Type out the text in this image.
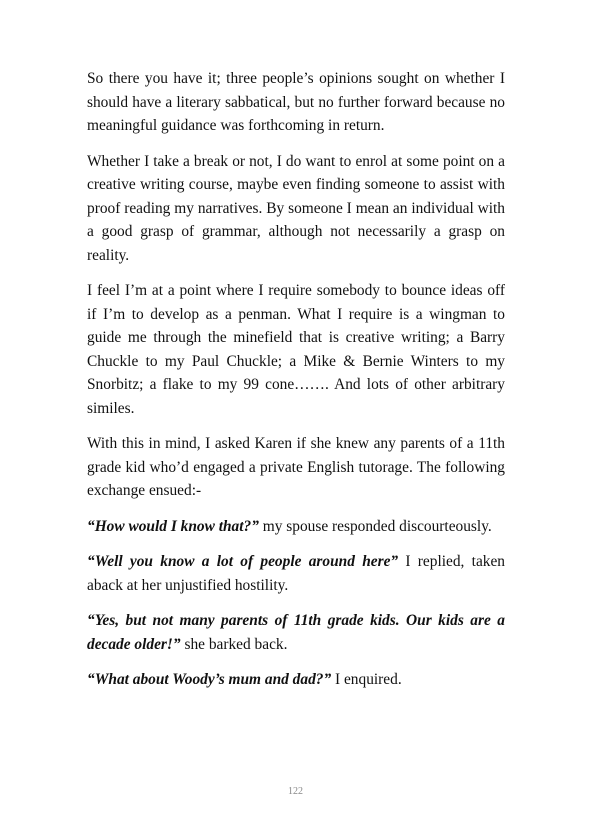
So there you have it; three people’s opinions sought on whether I should have a literary sabbatical, but no further forward because no meaningful guidance was forthcoming in return.

Whether I take a break or not, I do want to enrol at some point on a creative writing course, maybe even finding someone to assist with proof reading my narratives. By someone I mean an individual with a good grasp of grammar, although not necessarily a grasp on reality.

I feel I’m at a point where I require somebody to bounce ideas off if I’m to develop as a penman. What I require is a wingman to guide me through the minefield that is creative writing; a Barry Chuckle to my Paul Chuckle; a Mike & Bernie Winters to my Snorbitz; a flake to my 99 cone……. And lots of other arbitrary similes.

With this in mind, I asked Karen if she knew any parents of a 11th grade kid who’d engaged a private English tutorage. The following exchange ensued:-

“How would I know that?” my spouse responded discourteously.

“Well you know a lot of people around here” I replied, taken aback at her unjustified hostility.

“Yes, but not many parents of 11th grade kids. Our kids are a decade older!” she barked back.

“What about Woody’s mum and dad?” I enquired.

122
